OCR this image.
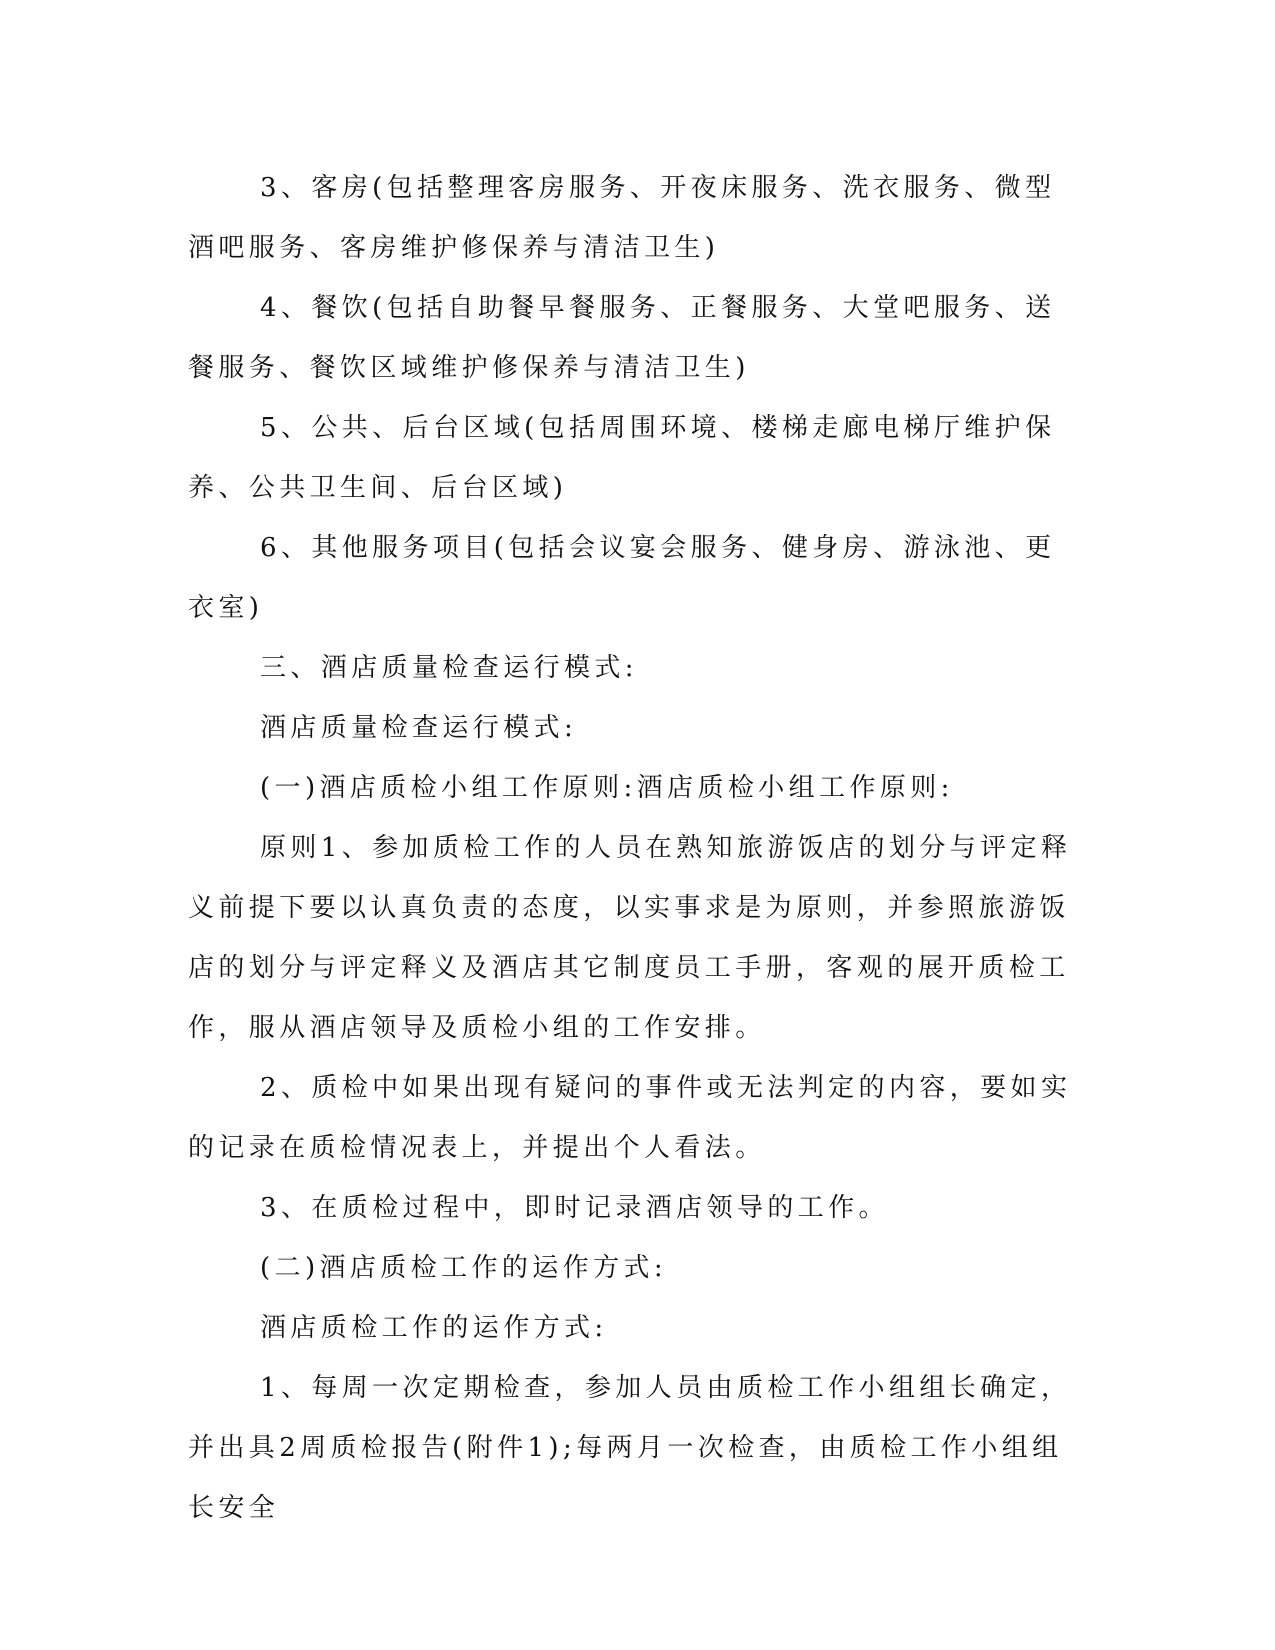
3、客房(包括整理客房服务、开夜床服务、洗衣服务、微型酒吧服务、客房维护修保养与清洁卫生)

4、餐饮(包括自助餐早餐服务、正餐服务、大堂吧服务、送餐服务、餐饮区域维护修保养与清洁卫生)

5、公共、后台区域(包括周围环境、楼梯走廊电梯厅维护保养、公共卫生间、后台区域)

6、其他服务项目(包括会议宴会服务、健身房、游泳池、更衣室)

三、酒店质量检查运行模式:

酒店质量检查运行模式:

(一)酒店质检小组工作原则:酒店质检小组工作原则:

原则1、参加质检工作的人员在熟知旅游饭店的划分与评定释义前提下要以认真负责的态度，以实事求是为原则，并参照旅游饭店的划分与评定释义及酒店其它制度员工手册，客观的展开质检工作，服从酒店领导及质检小组的工作安排。

2、质检中如果出现有疑问的事件或无法判定的内容，要如实的记录在质检情况表上，并提出个人看法。

3、在质检过程中，即时记录酒店领导的工作。

(二)酒店质检工作的运作方式:

酒店质检工作的运作方式:

1、每周一次定期检查，参加人员由质检工作小组组长确定，并出具2周质检报告(附件1);每两月一次检查，由质检工作小组组长安全
